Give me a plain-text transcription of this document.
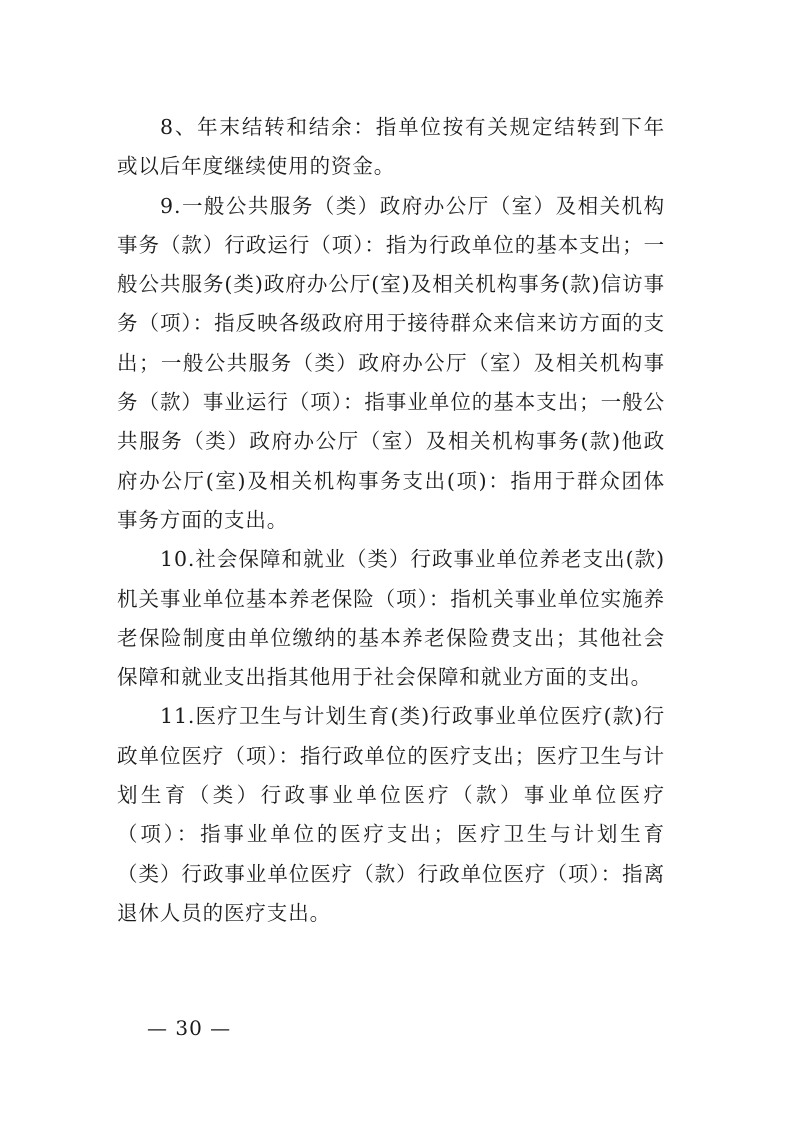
8、年末结转和结余：指单位按有关规定结转到下年或以后年度继续使用的资金。

9.一般公共服务（类）政府办公厅（室）及相关机构事务（款）行政运行（项）：指为行政单位的基本支出；一般公共服务(类)政府办公厅(室)及相关机构事务(款)信访事务（项）：指反映各级政府用于接待群众来信来访方面的支出；一般公共服务（类）政府办公厅（室）及相关机构事务（款）事业运行（项）：指事业单位的基本支出；一般公共服务（类）政府办公厅（室）及相关机构事务(款)他政府办公厅(室)及相关机构事务支出(项)：指用于群众团体事务方面的支出。

10.社会保障和就业（类）行政事业单位养老支出(款)机关事业单位基本养老保险（项）：指机关事业单位实施养老保险制度由单位缴纳的基本养老保险费支出；其他社会保障和就业支出指其他用于社会保障和就业方面的支出。

11.医疗卫生与计划生育(类)行政事业单位医疗(款)行政单位医疗（项）：指行政单位的医疗支出；医疗卫生与计划生育（类）行政事业单位医疗（款）事业单位医疗（项）：指事业单位的医疗支出；医疗卫生与计划生育（类）行政事业单位医疗（款）行政单位医疗（项）：指离退休人员的医疗支出。

— 30 —
